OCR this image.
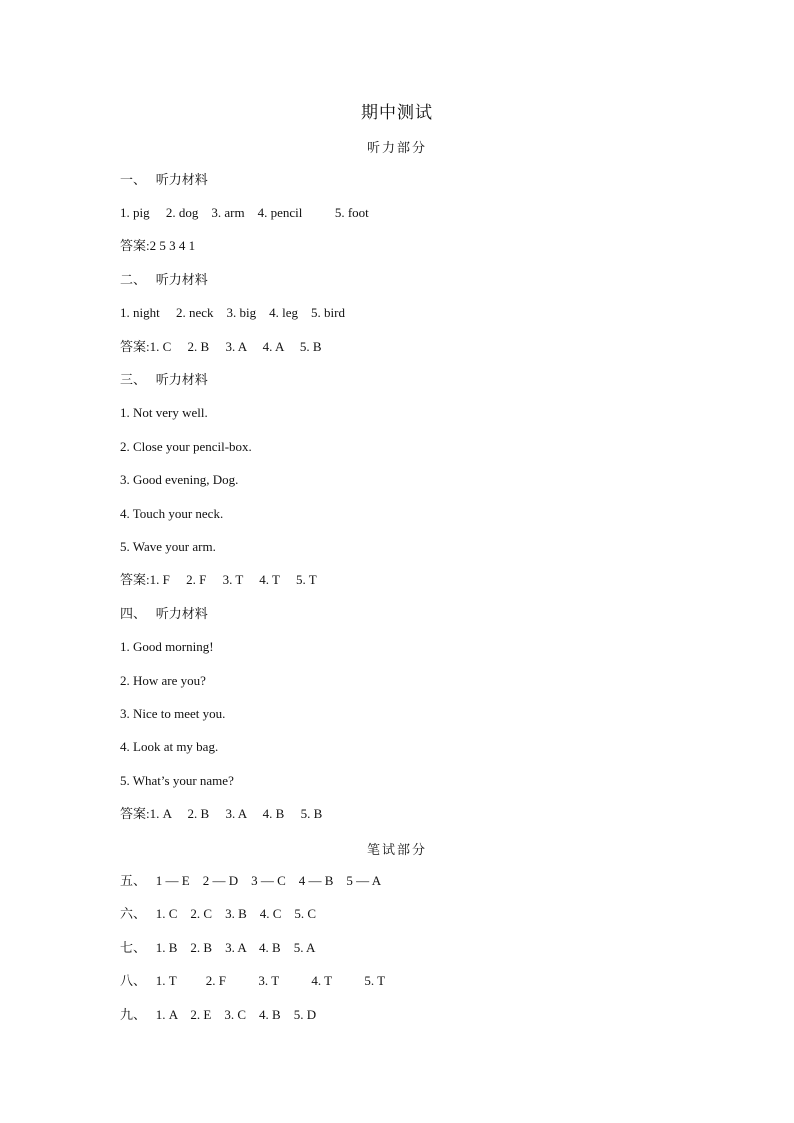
期中测试
听力部分
一、   听力材料
1. pig     2. dog    3. arm    4. pencil          5. foot
答案:2 5 3 4 1
二、   听力材料
1. night     2. neck    3. big    4. leg    5. bird
答案:1. C     2. B     3. A     4. A     5. B
三、   听力材料
1. Not very well.
2. Close your pencil-box.
3. Good evening, Dog.
4. Touch your neck.
5. Wave your arm.
答案:1. F     2. F     3. T     4. T     5. T
四、   听力材料
1. Good morning!
2. How are you?
3. Nice to meet you.
4. Look at my bag.
5. What’s your name?
答案:1. A     2. B     3. A     4. B     5. B
笔试部分
五、   1 — E    2 — D    3 — C    4 — B    5 — A
六、   1. C    2. C    3. B    4. C    5. C
七、   1. B    2. B    3. A    4. B    5. A
八、   1. T         2. F          3. T          4. T          5. T
九、   1. A    2. E    3. C    4. B    5. D
